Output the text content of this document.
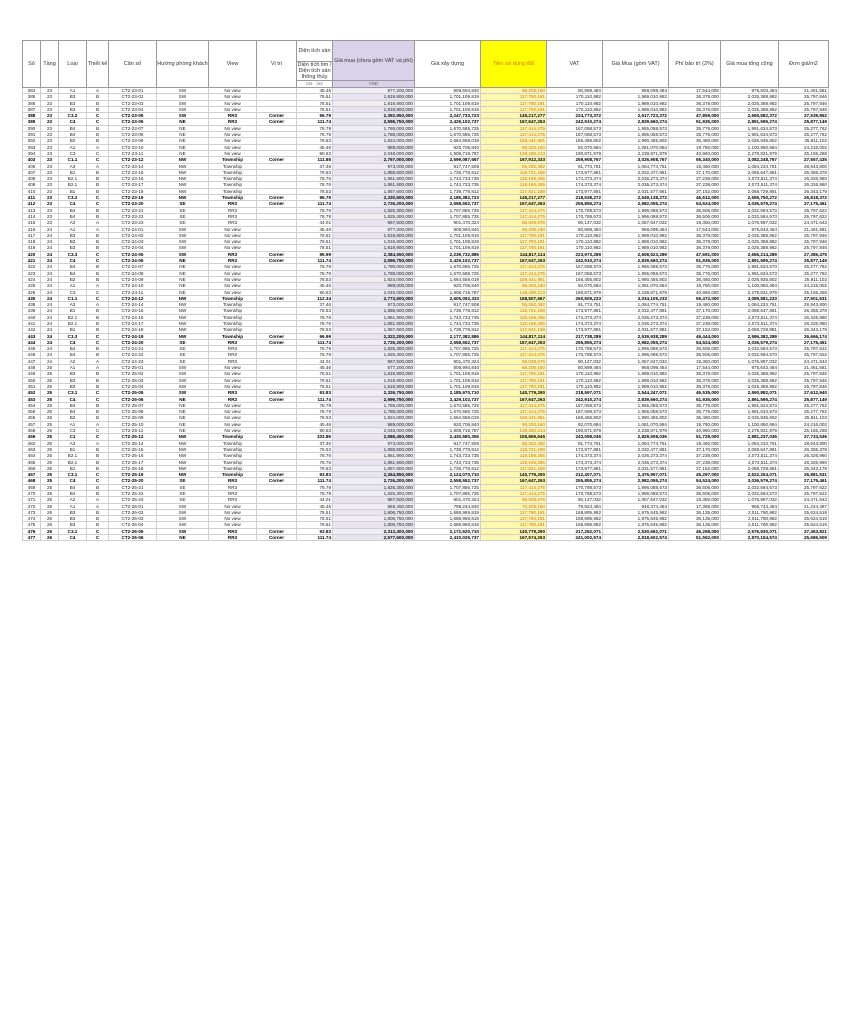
Số	Tầng	Loại	Thiết kế	Căn số	Hướng phòng khách	View	Vị trí	Diện tích sàn	Giá mua (chưa gồm VAT và phí)	Giá xây dựng	Tiền sử dụng đất	VAT	Giá Mua (gồm VAT)	Phí bảo trì (2%)	Giá mua tổng cộng	Đơn giá/m2
								Diện tích tim / Diện tích sàn thông thủy								
								m2 · m2	VND							
384	23	A1	A	CT2-23-01	SW	No view		45.46	877,200,000	808,594,840	68,205,160	80,859,484	958,059,484	17,544,000	975,603,484	21,461,581
385	23	B3	B	CT2-23-02	SW	No view		78.51	1,818,900,000	1,701,109,819	117,790,181	170,110,982	1,989,010,982	36,378,000	2,025,388,982	25,797,846
386	23	B3	B	CT2-23-03	SW	No view		78.51	1,818,900,000	1,701,109,819	117,790,181	170,110,982	1,989,010,982	36,378,000	2,025,388,982	25,797,846
387	23	B3	B	CT2-23-04	SW	No view		78.51	1,818,900,000	1,701,109,819	117,790,181	170,110,982	1,989,010,982	36,378,000	2,025,388,982	25,797,846
388	23	C3.2	C	CT2-23-05	SW	RR3	Corner	96.79	2,392,950,000	2,247,733,723	145,217,277	224,773,372	2,617,723,372	47,859,000	2,665,582,372	27,539,852
389	23	C4	C	CT2-23-06	NE	RR3	Corner	111.74	2,596,750,000	2,429,102,737	167,647,263	242,910,274	2,839,660,274	51,935,000	2,891,595,274	25,877,149
390	23	B4	B	CT2-23-07	NE	No view		78.79	1,788,000,000	1,670,585,725	117,414,275	167,058,573	1,955,058,573	35,776,000	1,991,634,573	25,277,762
391	23	B4	B	CT2-23-08	NE	No view		78.79	1,788,000,000	1,670,585,725	117,414,275	167,058,573	1,955,058,573	35,776,000	1,991,634,573	25,277,762
392	23	B2	B	CT2-23-09	NE	No view		78.53	1,824,000,000	1,664,558,019	159,441,981	166,455,802	1,990,455,802	36,480,000	2,026,935,802	25,811,102
393	23	A1	A	CT2-23-10	NE	No view		45.46	989,000,000	920,706,840	68,293,160	92,070,684	1,081,070,684	19,780,000	1,100,850,684	24,216,002
394	23	C3	C	CT2-23-11	NE	No view		90.63	2,048,000,000	1,908,719,787	139,280,213	190,871,979	2,238,871,979	40,960,000	2,279,831,979	25,155,268
403	23	C1.1	C	CT2-23-12	NW	Township	Corner	111.85	2,767,000,000	2,599,087,667	167,912,333	259,908,767	3,026,908,767	55,340,000	3,082,248,767	27,557,435
406	23	A3	A	CT2-23-14	NW	Township		37.46	973,000,000	917,747,508	55,252,492	91,774,751	1,064,774,751	19,460,000	1,084,234,751	28,943,800
407	23	B1	B	CT2-23-15	NW	Township		78.53	1,858,500,000	1,739,778,812	118,721,188	173,977,881	2,032,477,881	37,170,000	2,069,647,881	26,355,378
408	23	B2.1	B	CT2-23-16	NW	Township		78.76	1,861,900,000	1,743,733,735	118,166,265	174,373,374	2,036,273,374	37,238,000	2,073,511,374	26,326,960
409	23	B2.1	B	CT2-23-17	NW	Township		78.76	1,861,900,000	1,743,733,735	118,166,265	174,373,374	2,036,273,374	37,238,000	2,073,511,374	26,326,960
410	23	B1	B	CT2-23-18	NW	Township		78.53	1,857,600,000	1,739,778,812	117,821,188	173,977,881	2,031,577,881	37,152,000	2,068,729,881	26,343,179
411	23	C3.2	C	CT2-23-19	NW	Township	Corner	96.79	2,330,600,000	2,185,382,723	145,217,277	218,538,272	2,549,138,272	46,612,000	2,595,750,272	26,818,372
412	23	C4	C	CT2-23-20	SE	RR3	Corner	111.74	2,726,200,000	2,558,552,737	167,647,263	255,855,274	2,982,055,274	54,524,000	3,036,579,274	27,175,461
413	23	B4	B	CT2-23-21	SE	RR3		78.79	1,825,300,000	1,707,885,725	117,414,275	170,788,573	1,996,088,573	36,506,000	2,032,594,573	25,797,622
414	23	B4	B	CT2-23-22	SE	RR3		78.79	1,825,300,000	1,707,885,725	117,414,275	170,788,573	1,996,088,573	36,506,000	2,032,594,573	25,797,622
415	23	A2	A	CT2-23-23	SE	RR3		44.01	967,500,000	901,470,324	66,029,676	90,147,032	1,057,647,032	19,350,000	1,076,997,032	24,471,643
416	24	A1	A	CT2-24-01	SW	No view		45.46	877,200,000	808,994,840	68,205,160	80,899,484	958,099,484	17,544,000	975,643,484	21,461,581
417	24	B3	B	CT2-24-02	SW	No view		78.51	1,818,900,000	1,701,109,819	117,790,181	170,110,982	1,989,010,982	36,378,000	2,025,388,982	25,797,846
418	24	B3	B	CT2-24-03	SW	No view		78.51	1,818,900,000	1,701,109,819	117,790,181	170,110,982	1,989,010,982	36,378,000	2,025,388,982	25,797,846
419	24	B3	B	CT2-24-04	SW	No view		78.51	1,818,900,000	1,701,109,819	117,790,181	170,110,982	1,989,010,982	36,378,000	2,025,388,982	25,797,846
420	24	C3.3	C	CT2-24-05	SW	RR3	Corner	96.99	2,384,550,000	2,239,732,886	144,817,114	223,973,289	2,608,523,289	47,691,000	2,656,214,289	27,386,475
421	24	C4	C	CT2-24-06	NE	RR3	Corner	111.74	2,596,750,000	2,429,102,737	167,647,263	242,910,274	2,839,660,274	51,935,000	2,891,595,274	25,877,149
422	24	B4	B	CT2-24-07	NE	No view		78.79	1,788,000,000	1,670,585,725	117,414,275	167,058,573	1,955,058,573	35,776,000	1,991,634,573	25,277,762
423	24	B4	B	CT2-24-08	NE	No view		78.79	1,788,000,000	1,670,585,725	117,414,275	167,058,573	1,955,058,573	35,776,000	1,991,634,573	25,277,762
424	24	B2	B	CT2-24-09	NE	No view		78.53	1,824,000,000	1,664,558,019	159,441,981	166,455,802	1,990,455,802	36,480,000	2,026,935,802	25,811,102
425	24	A1	A	CT2-24-10	NE	No view		45.46	989,000,000	920,706,840	68,293,160	92,070,684	1,081,070,684	19,780,000	1,100,850,684	24,216,002
426	24	C3	C	CT2-24-11	NE	No view		90.63	2,048,000,000	1,908,719,787	139,280,213	190,871,979	2,238,871,979	40,960,000	2,279,831,979	25,155,268
435	24	C1.1	C	CT2-24-12	NW	Township	Corner	112.34	2,773,600,000	2,605,092,333	168,507,667	260,509,233	3,034,109,233	55,472,000	3,089,581,233	27,501,631
438	24	A3	A	CT2-24-14	NW	Township		37.46	973,000,000	917,747,508	55,252,492	91,774,751	1,064,774,751	19,460,000	1,084,234,751	28,943,800
439	24	B1	B	CT2-24-15	NW	Township		78.53	1,858,500,000	1,739,778,812	118,721,188	173,977,881	2,032,477,881	37,170,000	2,069,647,881	26,355,378
440	24	B2.1	B	CT2-24-16	NW	Township		78.76	1,861,900,000	1,743,733,735	118,166,265	174,373,374	2,036,273,374	37,238,000	2,073,511,374	26,326,960
441	24	B2.1	B	CT2-24-17	NW	Township		78.76	1,861,900,000	1,743,733,735	118,166,265	174,373,374	2,036,273,374	37,238,000	2,073,511,374	26,326,960
442	24	B1	B	CT2-24-18	NW	Township		78.53	1,857,600,000	1,739,778,812	117,821,188	173,977,881	2,031,577,881	37,152,000	2,068,729,881	26,343,179
443	24	C3.3	C	CT2-24-19	NW	Township	Corner	96.99	2,322,200,000	2,177,382,886	144,817,114	217,738,289	2,539,938,289	46,444,000	2,586,382,289	26,666,174
444	24	C4	C	CT2-24-20	SE	RR3	Corner	111.74	2,726,200,000	2,558,552,737	167,647,263	255,855,274	2,982,055,274	54,524,000	3,036,579,274	27,175,461
445	24	B4	B	CT2-24-21	SE	RR3		78.79	1,825,300,000	1,707,885,725	117,414,275	170,788,573	1,996,088,573	36,506,000	2,032,594,573	25,797,622
446	24	B4	B	CT2-24-22	SE	RR3		78.79	1,825,300,000	1,707,885,725	117,414,275	170,788,573	1,996,088,573	36,506,000	2,032,594,573	25,797,622
447	24	A2	A	CT2-24-23	SE	RR3		44.01	967,500,000	901,470,324	66,029,676	90,147,032	1,057,647,032	19,350,000	1,076,997,032	24,471,643
448	25	A1	A	CT2-25-01	SW	No view		45.46	877,200,000	808,994,840	68,205,160	80,899,484	958,099,484	17,544,000	975,643,484	21,461,581
449	25	B3	B	CT2-25-02	SW	No view		78.51	1,818,900,000	1,701,109,819	117,790,181	170,110,982	1,989,010,982	36,378,000	2,025,388,982	25,797,846
450	25	B3	B	CT2-25-03	SW	No view		78.51	1,818,900,000	1,701,109,819	117,790,181	170,110,982	1,989,010,982	36,378,000	2,025,388,982	25,797,846
451	25	B3	B	CT2-25-04	SW	No view		78.51	1,818,900,000	1,701,109,819	117,790,181	170,110,982	1,989,010,982	36,378,000	2,025,388,982	25,797,846
452	25	C3.1	C	CT2-25-05	SW	RR3	Corner	93.83	2,326,750,000	2,185,970,710	140,779,290	218,597,071	2,544,347,071	46,535,000	2,590,882,071	27,612,940
453	25	C4	C	CT2-25-06	NE	RR3	Corner	111.74	2,596,750,000	2,429,102,737	167,647,263	242,910,274	2,839,660,274	51,935,000	2,891,595,274	25,877,149
454	25	B4	B	CT2-25-07	NE	No view		78.79	1,788,000,000	1,670,585,725	117,414,275	167,058,573	1,955,058,573	35,776,000	1,991,634,573	25,277,762
455	25	B4	B	CT2-25-08	NE	No view		78.79	1,788,000,000	1,670,585,725	117,414,275	167,058,573	1,955,058,573	35,776,000	1,991,634,573	25,277,762
456	25	B2	B	CT2-25-09	NE	No view		78.53	1,824,000,000	1,664,558,019	159,441,981	166,455,802	1,990,455,802	36,480,000	2,026,935,802	25,811,102
457	25	A1	A	CT2-25-10	NE	No view		45.46	989,000,000	920,706,840	68,293,160	92,070,684	1,081,070,684	19,780,000	1,100,850,684	24,216,002
458	25	C3	C	CT2-25-11	NE	No view		90.63	2,048,000,000	1,908,719,787	139,280,213	190,871,979	2,238,871,979	40,960,000	2,279,831,979	25,155,268
459	25	C1	C	CT2-25-12	NW	Township	Corner	103.89	2,586,450,000	2,430,580,355	155,869,645	243,058,036	2,829,508,036	51,729,000	2,881,237,036	27,733,536
462	25	A3	A	CT2-25-14	NW	Township		37.46	973,000,000	917,747,508	55,252,492	91,774,751	1,064,774,751	19,460,000	1,084,234,751	28,943,800
463	25	B1	B	CT2-25-15	NW	Township		78.53	1,858,500,000	1,739,778,812	118,721,188	173,977,881	2,032,477,881	37,170,000	2,069,647,881	26,355,378
464	25	B2.1	B	CT2-25-16	NW	Township		78.76	1,861,900,000	1,743,733,735	118,166,265	174,373,374	2,036,273,374	37,238,000	2,073,511,374	26,326,960
465	25	B2.1	B	CT2-25-17	NW	Township		78.76	1,861,900,000	1,743,733,735	118,166,265	174,373,374	2,036,273,374	37,238,000	2,073,511,374	26,326,960
466	25	B1	B	CT2-25-18	NW	Township		78.53	1,857,600,000	1,739,778,812	117,821,188	173,977,881	2,031,577,881	37,152,000	2,068,729,881	26,343,179
467	25	C3.1	C	CT2-25-19	NW	Township	Corner	93.83	2,264,850,000	2,124,070,710	140,779,290	212,407,071	2,476,957,071	45,297,000	2,522,254,071	26,881,531
468	25	C4	C	CT2-25-20	SE	RR3	Corner	111.74	2,726,200,000	2,558,552,737	167,647,263	255,855,274	2,982,055,274	54,524,000	3,036,579,274	27,175,461
469	25	B4	B	CT2-25-21	SE	RR3		78.79	1,825,300,000	1,707,885,725	117,414,275	170,788,573	1,996,088,573	36,506,000	2,032,594,573	25,797,622
470	25	B4	B	CT2-25-22	SE	RR3		78.79	1,825,300,000	1,707,885,725	117,414,275	170,788,573	1,996,088,573	36,506,000	2,032,594,573	25,797,622
471	25	A2	A	CT2-25-23	SE	RR3		44.01	967,500,000	901,470,324	66,029,676	90,147,032	1,057,647,032	19,350,000	1,076,997,032	24,471,643
472	26	A1	A	CT2-26-01	SW	No view		45.46	868,450,000	798,244,840	70,205,160	79,824,484	948,374,484	17,369,000	965,743,484	21,244,467
473	26	B3	B	CT2-26-02	SW	No view		78.51	1,806,750,000	1,688,959,819	117,790,181	168,895,982	1,975,645,982	36,135,000	2,011,780,982	25,624,519
474	26	B3	B	CT2-26-03	SW	No view		78.51	1,806,750,000	1,688,959,819	117,790,181	168,895,982	1,975,645,982	36,135,000	2,011,780,982	25,624,519
475	26	B3	B	CT2-26-04	SW	No view		78.51	1,806,750,000	1,688,959,819	117,790,181	168,895,982	1,975,645,982	36,135,000	2,011,780,982	25,624,519
476	26	C3.1	C	CT2-26-05	SW	RR3	Corner	93.83	2,313,400,000	2,172,620,710	140,779,290	217,262,071	2,530,662,071	46,268,000	2,576,930,071	27,463,821
477	26	C4	C	CT2-26-06	NE	RR3	Corner	111.74	2,577,600,000	2,410,025,737	167,574,263	241,002,574	2,818,602,574	51,552,000	2,870,154,574	25,686,509
